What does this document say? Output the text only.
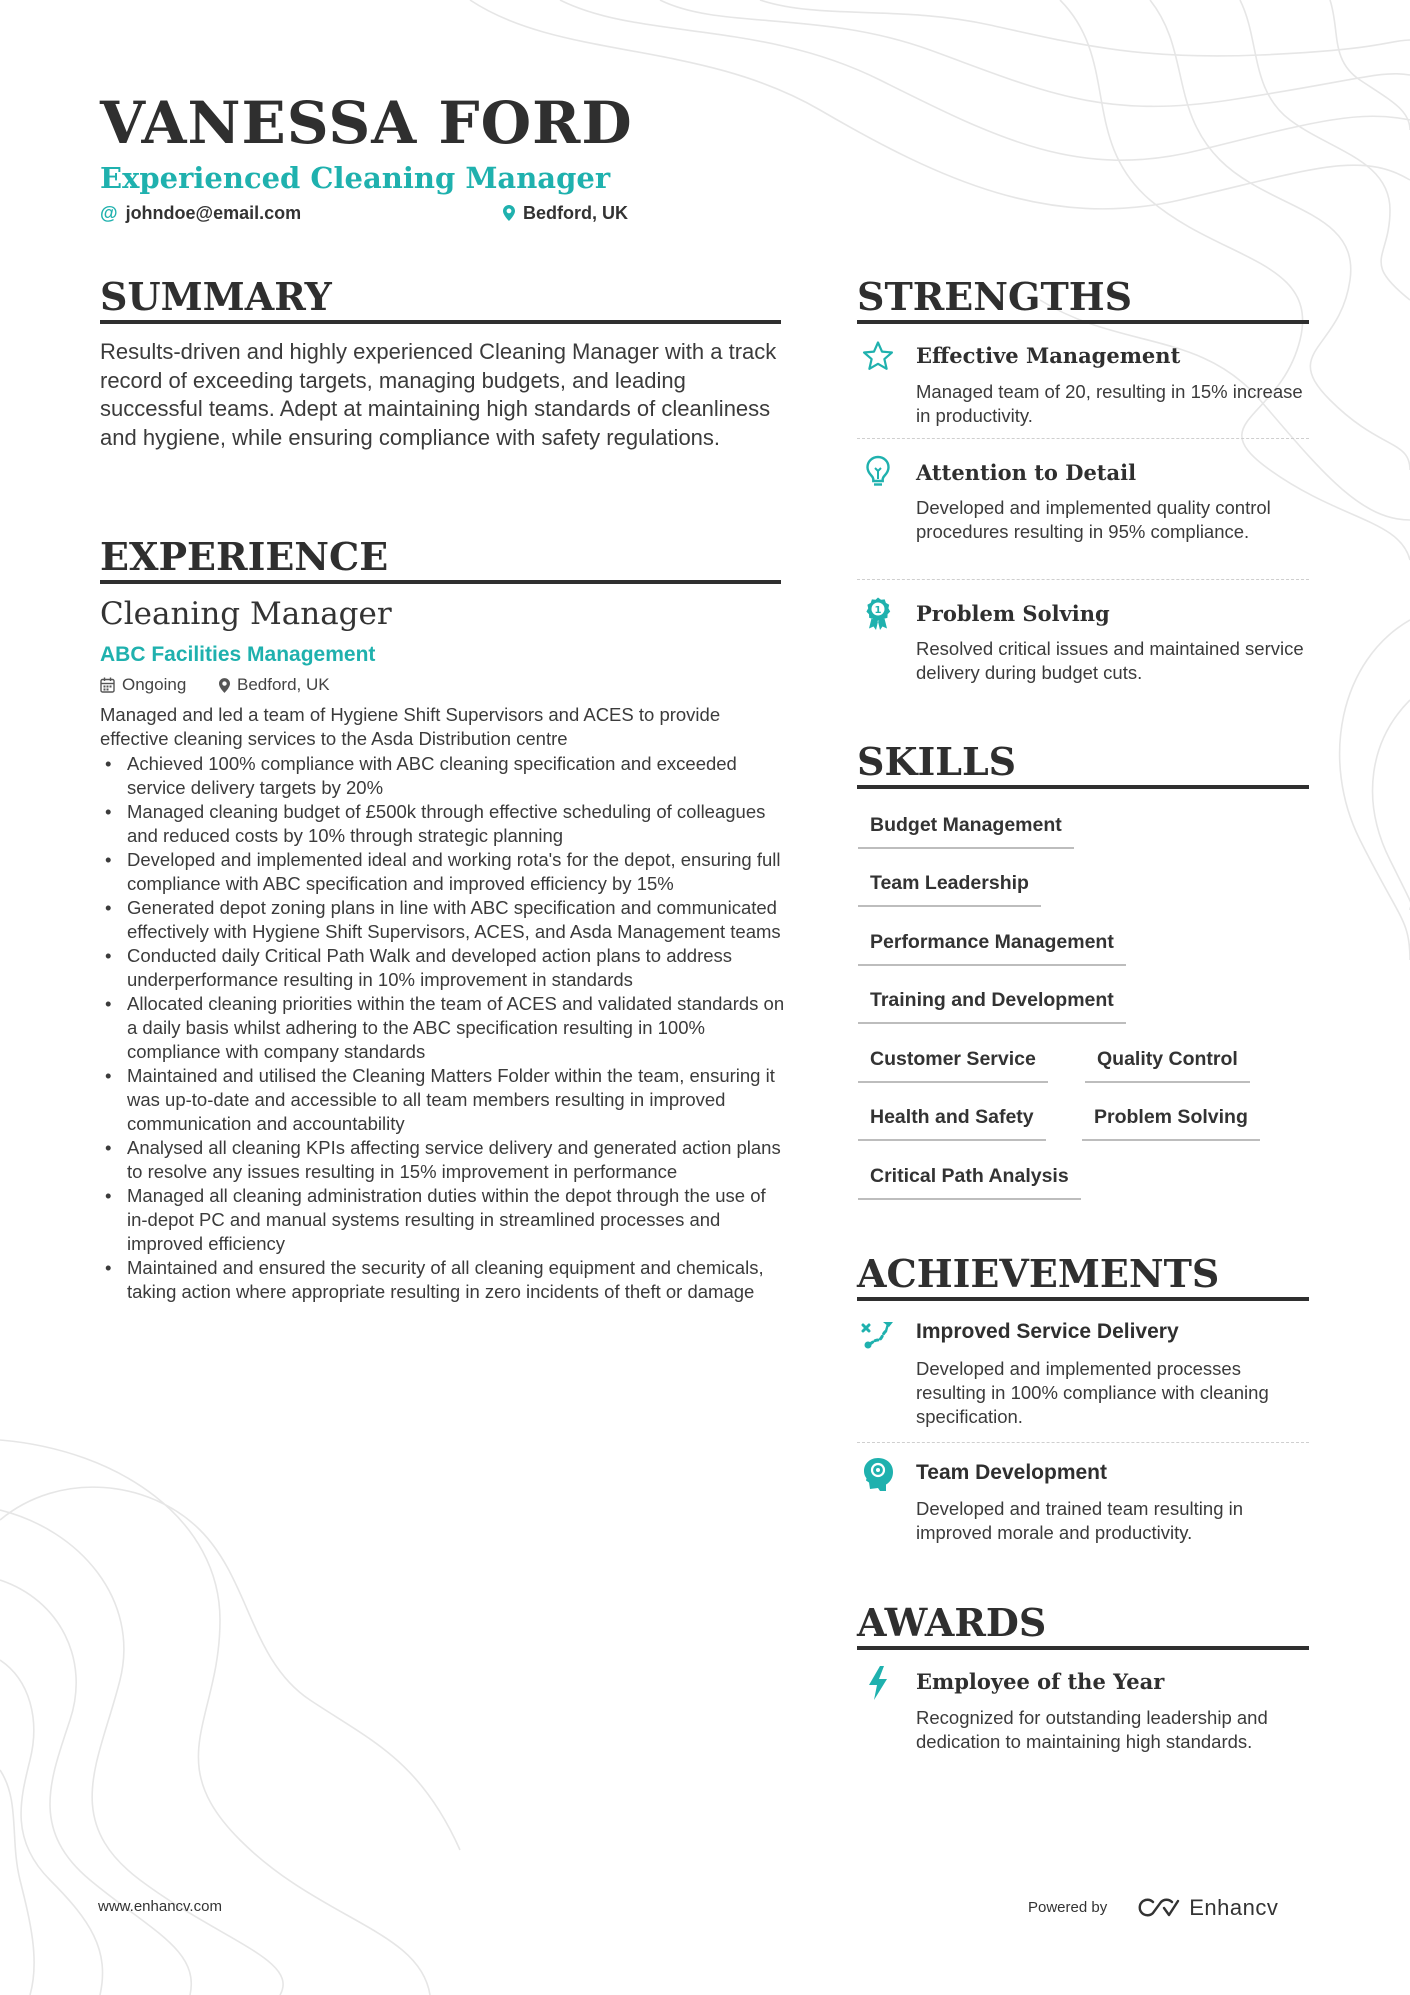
VANESSA FORD
Experienced Cleaning Manager
@ johndoe@email.com	Bedford, UK
SUMMARY
Results-driven and highly experienced Cleaning Manager with a track record of exceeding targets, managing budgets, and leading successful teams. Adept at maintaining high standards of cleanliness and hygiene, while ensuring compliance with safety regulations.
EXPERIENCE
Cleaning Manager
ABC Facilities Management
Ongoing	Bedford, UK
Managed and led a team of Hygiene Shift Supervisors and ACES to provide effective cleaning services to the Asda Distribution centre
• Achieved 100% compliance with ABC cleaning specification and exceeded service delivery targets by 20%
• Managed cleaning budget of £500k through effective scheduling of colleagues and reduced costs by 10% through strategic planning
• Developed and implemented ideal and working rota's for the depot, ensuring full compliance with ABC specification and improved efficiency by 15%
• Generated depot zoning plans in line with ABC specification and communicated effectively with Hygiene Shift Supervisors, ACES, and Asda Management teams
• Conducted daily Critical Path Walk and developed action plans to address underperformance resulting in 10% improvement in standards
• Allocated cleaning priorities within the team of ACES and validated standards on a daily basis whilst adhering to the ABC specification resulting in 100% compliance with company standards
• Maintained and utilised the Cleaning Matters Folder within the team, ensuring it was up-to-date and accessible to all team members resulting in improved communication and accountability
• Analysed all cleaning KPIs affecting service delivery and generated action plans to resolve any issues resulting in 15% improvement in performance
• Managed all cleaning administration duties within the depot through the use of in-depot PC and manual systems resulting in streamlined processes and improved efficiency
• Maintained and ensured the security of all cleaning equipment and chemicals, taking action where appropriate resulting in zero incidents of theft or damage
STRENGTHS
Effective Management
Managed team of 20, resulting in 15% increase in productivity.
Attention to Detail
Developed and implemented quality control procedures resulting in 95% compliance.
1 Problem Solving
Resolved critical issues and maintained service delivery during budget cuts.
SKILLS
Budget Management
Team Leadership
Performance Management
Training and Development
Customer Service	Quality Control
Health and Safety	Problem Solving
Critical Path Analysis
ACHIEVEMENTS
Improved Service Delivery
Developed and implemented processes resulting in 100% compliance with cleaning specification.
Team Development
Developed and trained team resulting in improved morale and productivity.
AWARDS
Employee of the Year
Recognized for outstanding leadership and dedication to maintaining high standards.
www.enhancv.com	Powered by	Enhancv
